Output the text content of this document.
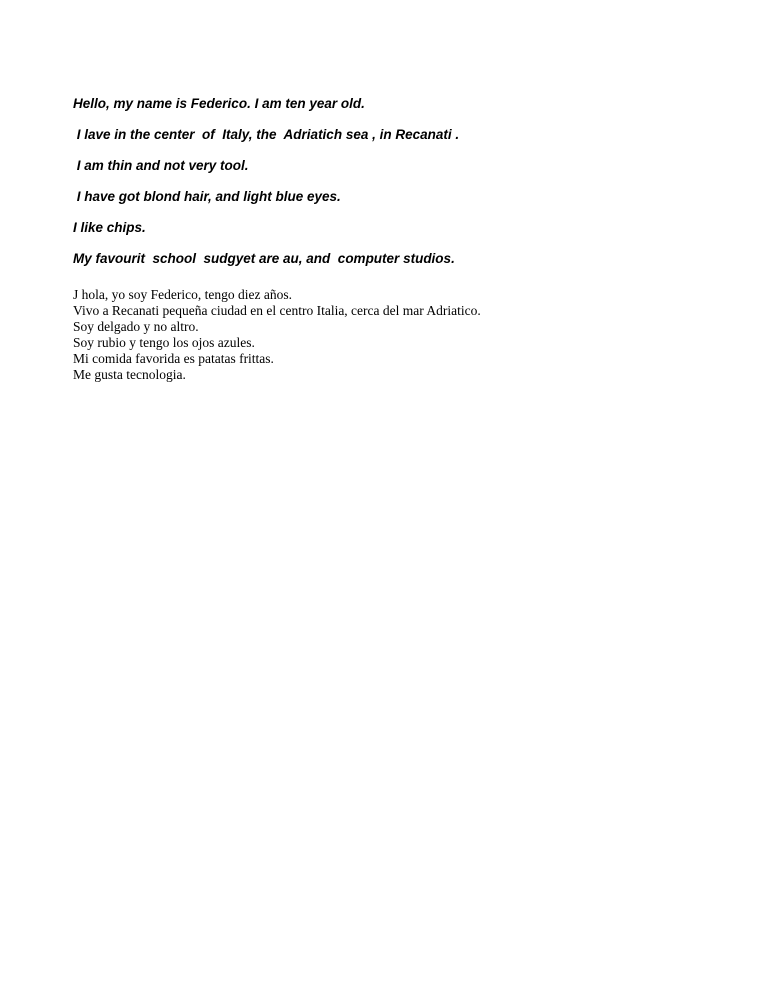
Hello, my name is Federico. I am ten year old.

I lave in the center  of  Italy, the  Adriatich sea , in Recanati .

I am thin and not very tool.

I have got blond hair, and light blue eyes.

I like chips.

My favourit  school  sudgyet are au, and  computer studios.

J hola, yo soy Federico, tengo diez años.

Vivo a Recanati pequeña ciudad en el centro Italia, cerca del mar Adriatico.

Soy delgado y no altro.

Soy rubio y tengo los ojos azules.

Mi comida favorida es patatas frittas.

Me gusta tecnologia.
